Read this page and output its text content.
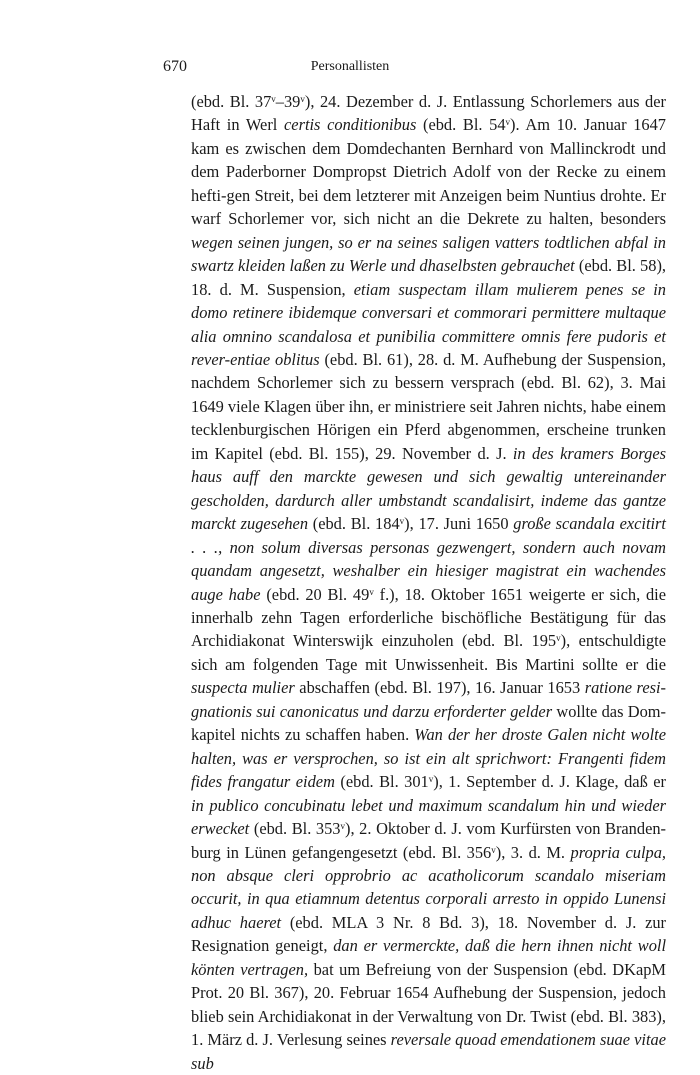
670	Personallisten

(ebd. Bl. 37$^v$–39$^v$), 24. Dezember d. J. Entlassung Schorlemers aus der Haft in Werl certis conditionibus (ebd. Bl. 54$^v$). Am 10. Januar 1647 kam es zwischen dem Domdechanten Bernhard von Mallinckrodt und dem Paderborner Dompropst Dietrich Adolf von der Recke zu einem hefti-gen Streit, bei dem letzterer mit Anzeigen beim Nuntius drohte. Er warf Schorlemer vor, sich nicht an die Dekrete zu halten, besonders wegen seinen jungen, so er na seines saligen vatters todtlichen abfal in swartz kleiden laßen zu Werle und dhaselbsten gebrauchet (ebd. Bl. 58), 18. d. M. Suspension, etiam suspectam illam mulierem penes se in domo retinere ibidemque conversari et commorari permittere multaque alia omnino scandalosa et punibilia committere omnis fere pudoris et rever-entiae oblitus (ebd. Bl. 61), 28. d. M. Aufhebung der Suspension, nachdem Schorlemer sich zu bessern versprach (ebd. Bl. 62), 3. Mai 1649 viele Klagen über ihn, er ministriere seit Jahren nichts, habe einem tecklenburgischen Hörigen ein Pferd abgenommen, erscheine trunken im Kapitel (ebd. Bl. 155), 29. November d. J. in des kramers Borges haus auff den marckte gewesen und sich gewaltig untereinander gescholden, dardurch aller umbstandt scandalisirt, indeme das gantze marckt zugesehen (ebd. Bl. 184$^v$), 17. Juni 1650 große scandala excitirt . . ., non solum diversas personas gezwengert, sondern auch novam quandam angesetzt, weshalber ein hiesiger magistrat ein wachendes auge habe (ebd. 20 Bl. 49$^v$ f.), 18. Oktober 1651 weigerte er sich, die innerhalb zehn Tagen erforderliche bischöfliche Bestätigung für das Archidiakonat Winterswijk einzuholen (ebd. Bl. 195$^v$), entschuldigte sich am folgenden Tage mit Unwissenheit. Bis Martini sollte er die suspecta mulier abschaffen (ebd. Bl. 197), 16. Januar 1653 ratione resi-gnationis sui canonicatus und darzu erforderter gelder wollte das Dom-kapitel nichts zu schaffen haben. Wan der her droste Galen nicht wolte halten, was er versprochen, so ist ein alt sprichwort: Frangenti fidem fides frangatur eidem (ebd. Bl. 301$^v$), 1. September d. J. Klage, daß er in publico concubinatu lebet und maximum scandalum hin und wieder erwecket (ebd. Bl. 353$^v$), 2. Oktober d. J. vom Kurfürsten von Branden-burg in Lünen gefangengesetzt (ebd. Bl. 356$^v$), 3. d. M. propria culpa, non absque cleri opprobrio ac acatholicorum scandalo miseriam occurit, in qua etiamnum detentus corporali arresto in oppido Lunensi adhuc haeret (ebd. MLA 3 Nr. 8 Bd. 3), 18. November d. J. zur Resignation geneigt, dan er vermerckte, daß die hern ihnen nicht woll könten vertragen, bat um Befreiung von der Suspension (ebd. DKapM Prot. 20 Bl. 367), 20. Februar 1654 Aufhebung der Suspension, jedoch blieb sein Archidiakonat in der Verwaltung von Dr. Twist (ebd. Bl. 383), 1. März d. J. Verlesung seines reversale quoad emendationem suae vitae sub
